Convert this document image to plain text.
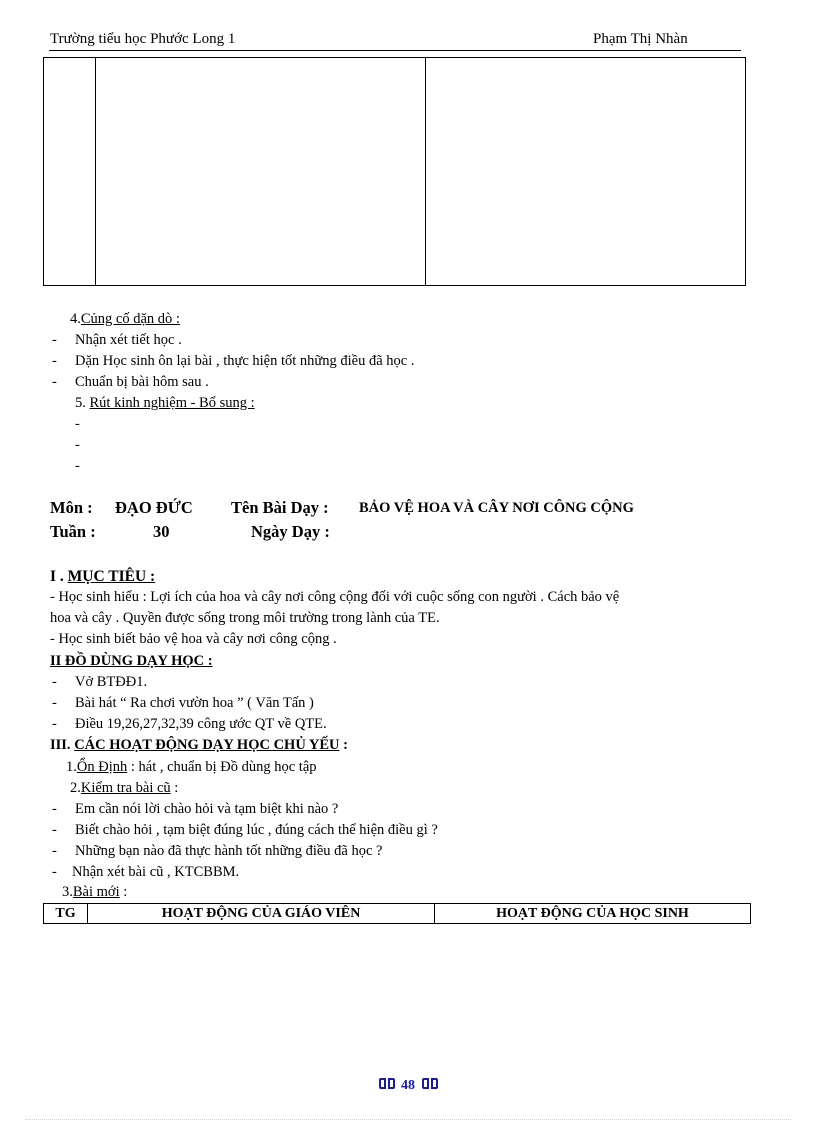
Trường tiểu học Phước Long 1	Phạm Thị Nhàn
4.Củng cố dặn dò :
- Nhận xét tiết học .
- Dặn Học sinh ôn lại bài , thực hiện tốt những điều đã học .
- Chuẩn bị bài hôm sau .
5. Rút kinh nghiệm - Bổ sung :
-
-
-
Môn : ĐẠO ĐỨC Tên Bài Dạy : BẢO VỆ HOA VÀ CÂY NƠI CÔNG CỘNG
Tuần :	30	Ngày Dạy :
I . MỤC TIÊU :
- Học sinh hiểu : Lợi ích của hoa và cây nơi công cộng đối với cuộc sống con người . Cách bảo vệ
hoa và cây . Quyền được sống trong môi trường trong lành của TE.
- Học sinh biết bảo vệ hoa và cây nơi công cộng .
II ĐỒ DÙNG DẠY HỌC :
- Vở BTĐĐ1.
- Bài hát “ Ra chơi vườn hoa ” ( Văn Tấn )
- Điều 19,26,27,32,39 công ước QT về QTE.
III. CÁC HOẠT ĐỘNG DẠY HỌC CHỦ YẾU :
1.Ổn Định : hát , chuẩn bị Đồ dùng học tập
2.Kiểm tra bài cũ :
- Em cần nói lời chào hỏi và tạm biệt khi nào ?
- Biết chào hỏi , tạm biệt đúng lúc , đúng cách thể hiện điều gì ?
- Những bạn nào đã thực hành tốt những điều đã học ?
- Nhận xét bài cũ , KTCBBM.
3.Bài mới :
TG	HOẠT ĐỘNG CỦA GIÁO VIÊN	HOẠT ĐỘNG CỦA HỌC SINH
48
